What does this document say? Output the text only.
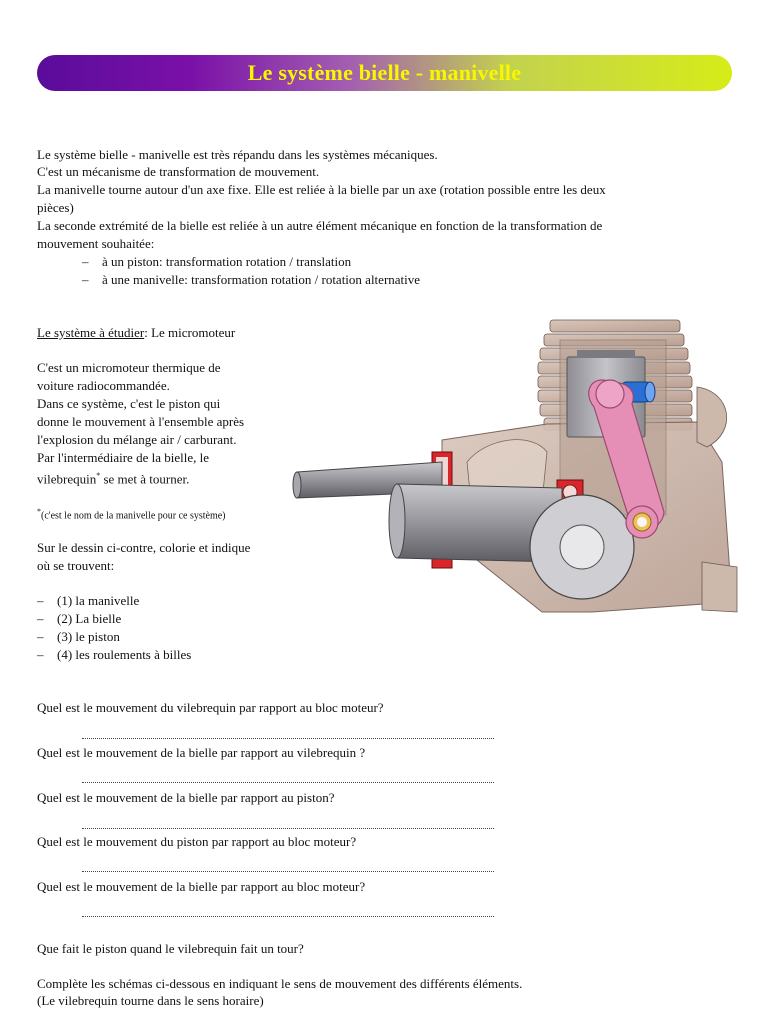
Le système bielle - manivelle

Le système bielle - manivelle est très répandu dans les systèmes mécaniques.

C'est un mécanisme de transformation de mouvement.

La manivelle tourne autour d'un axe fixe. Elle est reliée à la bielle par un axe (rotation possible entre les deux

pièces)

La seconde extrémité de la bielle est reliée à un autre élément mécanique en fonction de la transformation de

mouvement souhaitée:

– à un piston: transformation rotation / translation
– à une manivelle: transformation rotation / rotation alternative

Le système à étudier: Le micromoteur

C'est un micromoteur thermique de

voiture radiocommandée.

Dans ce système, c'est le piston qui

donne le mouvement à l'ensemble après

l'explosion du mélange air / carburant.

Par l'intermédiaire de la bielle, le

vilebrequin* se met à tourner.

*(c'est le nom de la manivelle pour ce système)

Sur le dessin ci-contre, colorie et indique

où se trouvent:

– (1) la manivelle
– (2) La bielle
– (3) le piston
– (4) les roulements à billes

Quel est le mouvement du vilebrequin par rapport au bloc moteur?

Quel est le mouvement de la bielle par rapport au vilebrequin ?

Quel est le mouvement de la bielle par rapport au piston?

Quel est le mouvement du piston par rapport au bloc moteur?

Quel est le mouvement de la bielle par rapport au bloc moteur?

Que fait le piston quand le vilebrequin fait un tour?

Complète les schémas ci-dessous en indiquant le sens de mouvement des différents éléments.

(Le vilebrequin tourne dans le sens horaire)
